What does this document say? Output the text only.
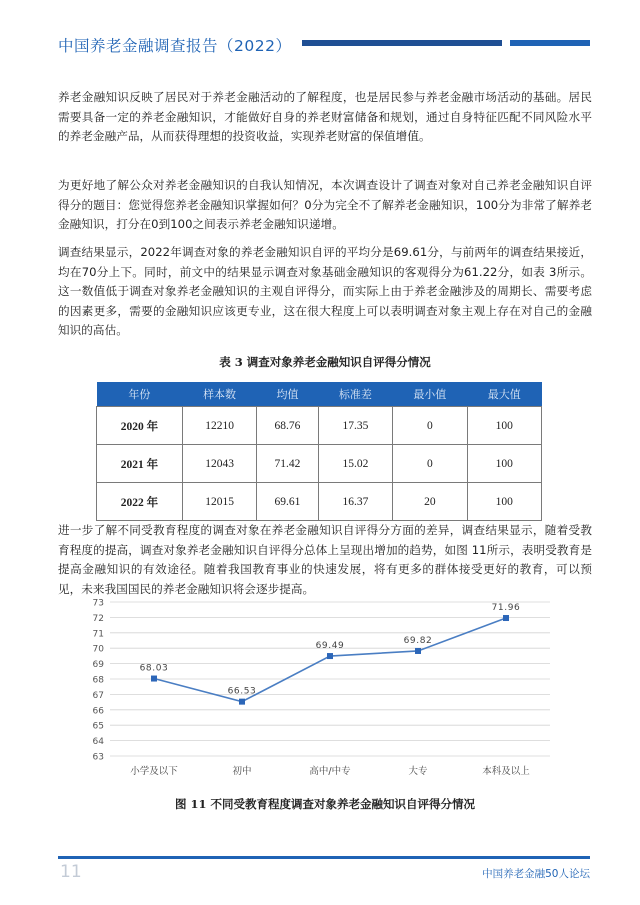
中国养老金融调查报告（2022）

养老金融知识反映了居民对于养老金融活动的了解程度，也是居民参与养老金融市场活动的基础。居民需要具备一定的养老金融知识，才能做好自身的养老财富储备和规划，通过自身特征匹配不同风险水平的养老金融产品，从而获得理想的投资收益，实现养老财富的保值增值。

为更好地了解公众对养老金融知识的自我认知情况，本次调查设计了调查对象对自己养老金融知识自评得分的题目：您觉得您养老金融知识掌握如何？0分为完全不了解养老金融知识，100分为非常了解养老金融知识，打分在0到100之间表示养老金融知识递增。

调查结果显示，2022年调查对象的养老金融知识自评的平均分是69.61分，与前两年的调查结果接近，均在70分上下。同时，前文中的结果显示调查对象基础金融知识的客观得分为61.22分，如表 3所示。这一数值低于调查对象养老金融知识的主观自评得分，而实际上由于养老金融涉及的周期长、需要考虑的因素更多，需要的金融知识应该更专业，这在很大程度上可以表明调查对象主观上存在对自己的金融知识的高估。

表 3 调查对象养老金融知识自评得分情况
年份	样本数	均值	标准差	最小值	最大值
2020 年	12210	68.76	17.35	0	100
2021 年	12043	71.42	15.02	0	100
2022 年	12015	69.61	16.37	20	100

进一步了解不同受教育程度的调查对象在养老金融知识自评得分方面的差异，调查结果显示，随着受教育程度的提高，调查对象养老金融知识自评得分总体上呈现出增加的趋势，如图 11所示，表明受教育是提高金融知识的有效途径。随着我国教育事业的快速发展，将有更多的群体接受更好的教育，可以预见，未来我国国民的养老金融知识将会逐步提高。

63
64
65
66
67
68
69
70
71
72
73
68.03
小学及以下
66.53
初中
69.49
高中/中专
69.82
大专
71.96
本科及以上
图 11 不同受教育程度调查对象养老金融知识自评得分情况
11	中国养老金融50人论坛
